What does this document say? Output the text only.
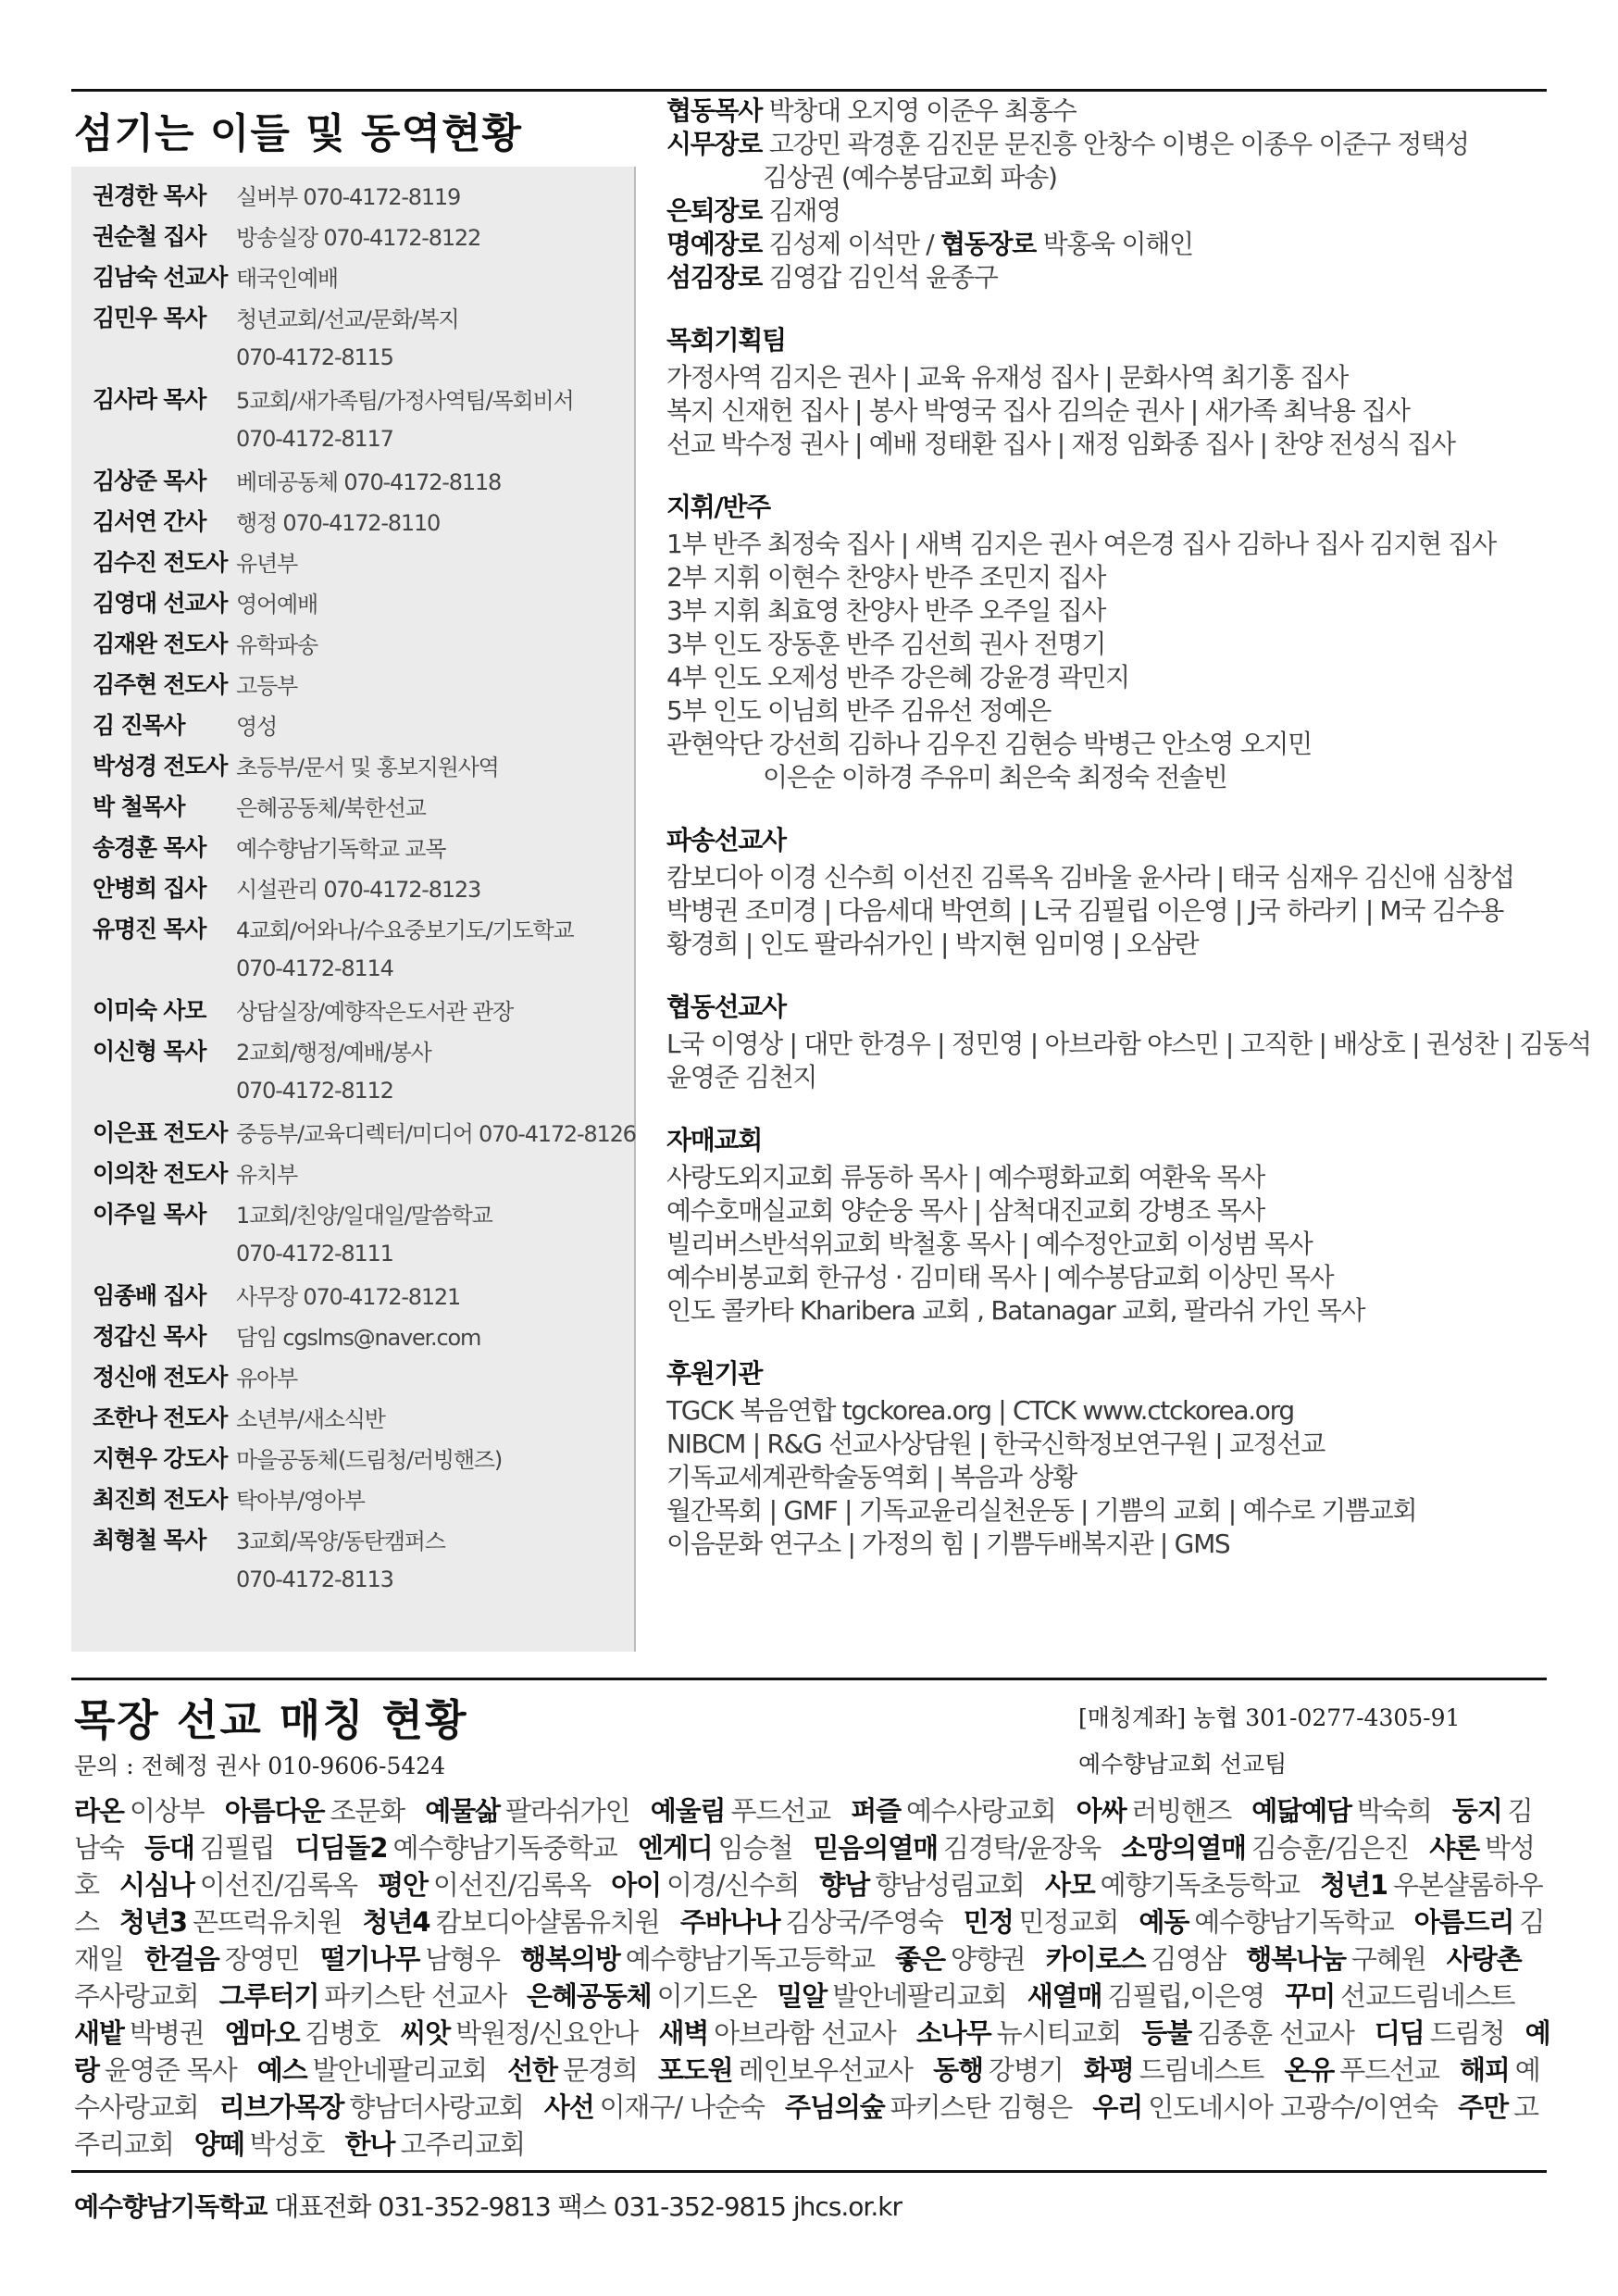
섬기는 이들 및 동역현황
권경한 목사	실버부 070-4172-8119
권순철 집사	방송실장 070-4172-8122
김남숙 선교사 태국인예배
김민우 목사	청년교회/선교/문화/복지
070-4172-8115
김사라 목사	5교회/새가족팀/가정사역팀/목회비서
070-4172-8117
김상준 목사	베데공동체 070-4172-8118
김서연 간사	행정 070-4172-8110
김수진 전도사 유년부
김영대 선교사 영어예배
김재완 전도사 유학파송
김주현 전도사 고등부
김 진목사	영성
박성경 전도사 초등부/문서 및 홍보지원사역
박 철목사	은혜공동체/북한선교
송경훈 목사	예수향남기독학교 교목
안병희 집사	시설관리 070-4172-8123
유명진 목사	4교회/어와나/수요중보기도/기도학교
070-4172-8114
이미숙 사모	상담실장/예향작은도서관 관장
이신형 목사	2교회/행정/예배/봉사
070-4172-8112
이은표 전도사 중등부/교육디렉터/미디어 070-4172-8126
이의찬 전도사 유치부
이주일 목사	1교회/친양/일대일/말씀학교
070-4172-8111
임종배 집사	사무장 070-4172-8121
정갑신 목사	담임 cgslms@naver.com
정신애 전도사 유아부
조한나 전도사 소년부/새소식반
지현우 강도사 마을공동체(드림청/러빙핸즈)
최진희 전도사 탁아부/영아부
최형철 목사	3교회/목양/동탄캠퍼스
070-4172-8113
협동목사 박창대 오지영 이준우 최홍수
시무장로 고강민 곽경훈 김진문 문진흥 안창수 이병은 이종우 이준구 정택성
김상권 (예수봉담교회 파송)
은퇴장로 김재영
명예장로 김성제 이석만 / 협동장로 박홍욱 이해인
섬김장로 김영갑 김인석 윤종구
목회기획팀
가정사역 김지은 권사 | 교육 유재성 집사 | 문화사역 최기홍 집사
복지 신재헌 집사 | 봉사 박영국 집사 김의순 권사 | 새가족 최낙용 집사
선교 박수정 권사 | 예배 정태환 집사 | 재정 임화종 집사 | 찬양 전성식 집사
지휘/반주
1부 반주 최정숙 집사 | 새벽 김지은 권사 여은경 집사 김하나 집사 김지현 집사
2부 지휘 이현수 찬양사 반주 조민지 집사
3부 지휘 최효영 찬양사 반주 오주일 집사
3부 인도 장동훈 반주 김선희 권사 전명기
4부 인도 오제성 반주 강은혜 강윤경 곽민지
5부 인도 이님희 반주 김유선 정예은
관현악단 강선희 김하나 김우진 김현승 박병근 안소영 오지민
이은순 이하경 주유미 최은숙 최정숙 전솔빈
파송선교사
캄보디아 이경 신수희 이선진 김록옥 김바울 윤사라 | 태국 심재우 김신애 심창섭
박병권 조미경 | 다음세대 박연희 | L국 김필립 이은영 | J국 하라키 | M국 김수용
황경희 | 인도 팔라쉬가인 | 박지현 임미영 | 오삼란
협동선교사
L국 이영상 | 대만 한경우 | 정민영 | 아브라함 야스민 | 고직한 | 배상호 | 권성찬 | 김동석
윤영준 김천지
자매교회
사랑도외지교회 류동하 목사 | 예수평화교회 여환욱 목사
예수호매실교회 양순웅 목사 | 삼척대진교회 강병조 목사
빌리버스반석위교회 박철홍 목사 | 예수정안교회 이성범 목사
예수비봉교회 한규성 · 김미태 목사 | 예수봉담교회 이상민 목사
인도 콜카타 Kharibera 교회 , Batanagar 교회, 팔라쉬 가인 목사
후원기관
TGCK 복음연합 tgckorea.org | CTCK www.ctckorea.org
NIBCM | R&G 선교사상담원 | 한국신학정보연구원 | 교정선교
기독교세계관학술동역회 | 복음과 상황
월간목회 | GMF | 기독교윤리실천운동 | 기쁨의 교회 | 예수로 기쁨교회
이음문화 연구소 | 가정의 힘 | 기쁨두배복지관 | GMS
목장 선교 매칭 현황
문의 : 전혜정 권사 010-9606-5424
[매칭계좌] 농협 301-0277-4305-91
예수향남교회 선교팀
라온 이상부 아름다운 조문화 예물삶 팔라쉬가인 예울림 푸드선교 퍼즐 예수사랑교회 아싸 러빙핸즈 예닮예담 박숙희 둥지 김남숙 등대 김필립 디딤돌2 예수향남기독중학교 엔게디 임승철 믿음의열매 김경탁/윤장욱 소망의열매 김승훈/김은진 샤론 박성호 시심나 이선진/김록옥 평안 이선진/김록옥 아이 이경/신수희 향남 향남성림교회 사모 예향기독초등학교 청년1 우본샬롬하우스 청년3 꼰뜨럭유치원 청년4 캄보디아샬롬유치원 주바나나 김상국/주영숙 민정 민정교회 예동 예수향남기독학교 아름드리 김재일 한걸음 장영민 떨기나무 남형우 행복의방 예수향남기독고등학교 좋은 양향권 카이로스 김영삼 행복나눔 구혜원 사랑촌주사랑교회 그루터기 파키스탄 선교사 은혜공동체 이기드온 밀알 발안네팔리교회 새열매 김필립,이은영 꾸미 선교드림네스트 새밭 박병권 엠마오 김병호 씨앗 박원정/신요안나 새벽 아브라함 선교사 소나무 뉴시티교회 등불 김종훈 선교사 디딤 드림청 예랑 윤영준 목사 예스 발안네팔리교회 선한 문경희 포도원 레인보우선교사 동행 강병기 화평 드림네스트 온유 푸드선교 해피 예수사랑교회 리브가목장 향남더사랑교회 사선 이재구/ 나순숙 주님의숲 파키스탄 김형은 우리 인도네시아 고광수/이연숙 주만 고주리교회 양떼 박성호 한나 고주리교회
예수향남기독학교 대표전화 031-352-9813 팩스 031-352-9815 jhcs.or.kr
